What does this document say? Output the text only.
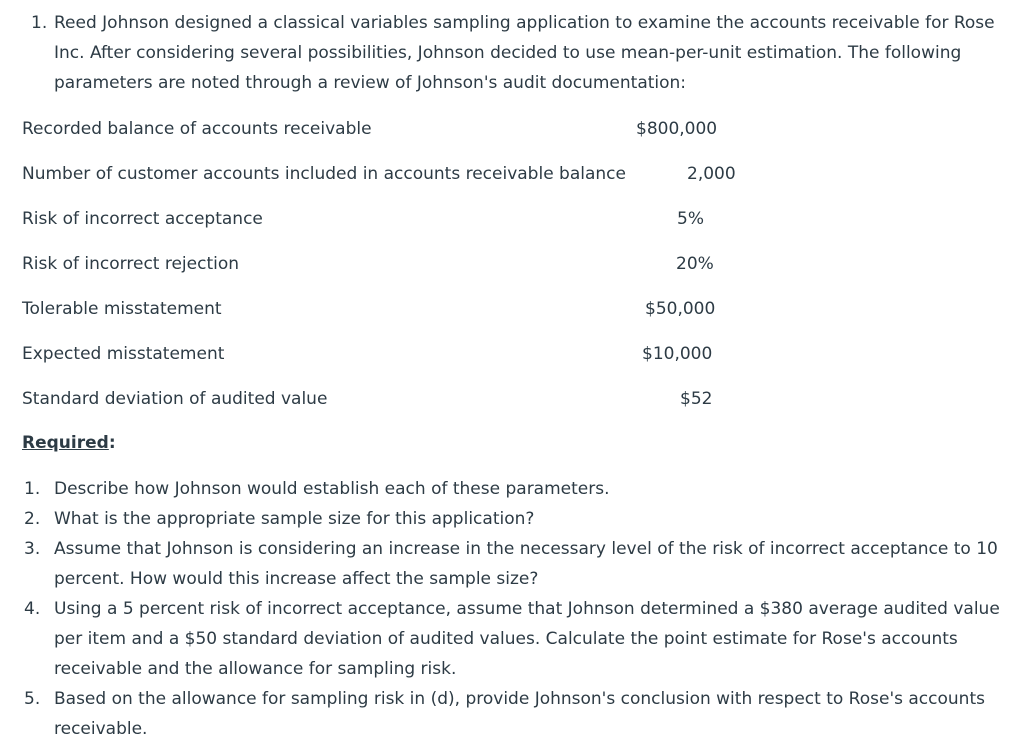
1. Reed Johnson designed a classical variables sampling application to examine the accounts receivable for Rose Inc. After considering several possibilities, Johnson decided to use mean-per-unit estimation. The following parameters are noted through a review of Johnson's audit documentation:
Recorded balance of accounts receivable	$800,000
Number of customer accounts included in accounts receivable balance	2,000
Risk of incorrect acceptance	5%
Risk of incorrect rejection	20%
Tolerable misstatement	$50,000
Expected misstatement	$10,000
Standard deviation of audited value	$52
Required:
1. Describe how Johnson would establish each of these parameters.
2. What is the appropriate sample size for this application?
3. Assume that Johnson is considering an increase in the necessary level of the risk of incorrect acceptance to 10 percent. How would this increase affect the sample size?
4. Using a 5 percent risk of incorrect acceptance, assume that Johnson determined a $380 average audited value per item and a $50 standard deviation of audited values. Calculate the point estimate for Rose's accounts receivable and the allowance for sampling risk.
5. Based on the allowance for sampling risk in (d), provide Johnson's conclusion with respect to Rose's accounts receivable.
